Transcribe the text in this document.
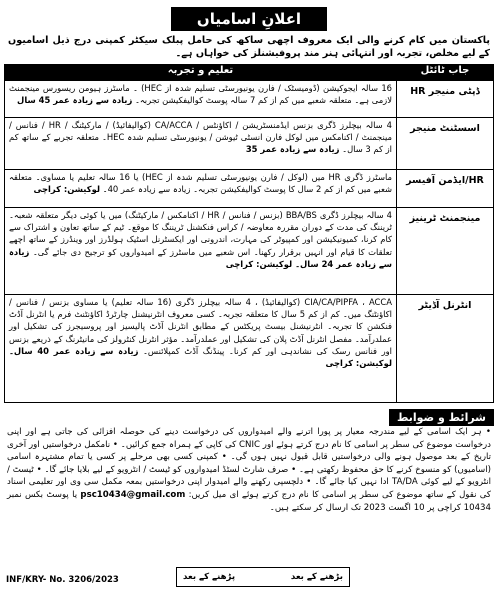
اعلانِ اسامیاں
پاکستان میں کام کرنے والی ایک معروف اچھی ساکھ کی حامل پبلک سیکٹر کمپنی درج ذیل اسامیوں کے لیے مخلص، تجربہ اور انتہائی ہنر مند پروفیشنلز کی خواہاں ہے۔
جاب ٹائٹل	تعلیم و تجربہ
ڈپٹی منیجر HR	16 سالہ ایجوکیشن (ڈومیسٹک / فارن یونیورسٹی تسلیم شدہ از HEC) ۔ ماسٹرز ہیومن ریسورس مینجمنٹ لازمی ہے۔ متعلقہ شعبے میں کم از کم 7 سالہ پوسٹ کوالیفکیشن تجربہ۔ زیادہ سے زیادہ عمر 45 سال
اسسٹنٹ منیجر	4 سالہ بیچلرز ڈگری بزنس ایڈمنسٹریشن / اکاؤنٹس / CA/ACCA (کوالیفائیڈ) / مارکیٹنگ / HR / فنانس / مینجمنٹ / اکنامکس میں لوکل فارن انسٹی ٹیوشن / یونیورسٹی تسلیم شدہ HEC۔ متعلقہ تجربے کے ساتھ کم از کم 3 سال۔ زیادہ سے زیادہ عمر 35
HR/ایڈمن آفیسر	ماسٹرز ڈگری HR میں (لوکل / فارن یونیورسٹی تسلیم شدہ از HEC) یا 16 سالہ تعلیم یا مساوی۔ متعلقہ شعبے میں کم از کم 2 سال کا پوسٹ کوالیفکیشن تجربہ۔ زیادہ سے زیادہ عمر 40۔ لوکیشن: کراچی
مینجمنٹ ٹرینیز	4 سالہ بیچلرز ڈگری BBA/BS (بزنس / فنانس / HR / اکنامکس / مارکیٹنگ) میں یا کوئی دیگر متعلقہ شعبہ۔ ٹریننگ کی مدت کے دوران مقررہ معاوضہ / کراس فنکشنل ٹریننگ کا موقع۔ ٹیم کے ساتھ تعاون و اشتراک سے کام کرنا، کمیونیکیشن اور کمپیوٹر کی مہارت، اندرونی اور ایکسٹرنل اسٹیک ہولڈرز اور وینڈرز کے ساتھ اچھے تعلقات کا قیام اور انہیں برقرار رکھنا۔ اس شعبے میں ماسٹرز کے امیدواروں کو ترجیح دی جائے گی۔ زیادہ سے زیادہ عمر 24 سال۔ لوکیشن: کراچی
انٹرنل آڈیٹر	CIA/CA/PIPFA ، ACCA (کوالیفائیڈ) ، 4 سالہ بیچلرز ڈگری (16 سالہ تعلیم) یا مساوی بزنس / فنانس / اکاؤنٹنگ میں۔ کم از کم 5 سال کا متعلقہ تجربہ۔ کسی معروف انٹرنیشنل چارٹرڈ اکاؤنٹنٹ فرم یا انٹرنل آڈٹ فنکشن کا تجربہ۔ انٹرنیشنل بیسٹ پریکٹس کے مطابق انٹرنل آڈٹ پالیسیز اور پروسیجرز کی تشکیل اور عملدرآمد۔ مفصل انٹرنل آڈٹ پلان کی تشکیل اور عملدرآمد۔ مؤثر انٹرنل کنٹرولز کی مانیٹرنگ کے ذریعے بزنس اور فنانس رسک کی نشاندہی اور کم کرنا۔ پینڈنگ آڈٹ کمپلائنس۔ زیادہ سے زیادہ عمر 40 سال۔ لوکیشن: کراچی
شرائط و ضوابط
• ہر ایک اسامی کے لیے مندرجہ معیار پر پورا اترنے والے امیدواروں کی درخواست دینے کی حوصلہ افزائی کی جاتی ہے اور اپنی درخواست موضوع کی سطر پر اسامی کا نام درج کرتے ہوئے اور CNIC کی کاپی کے ہمراہ جمع کرائیں۔ • نامکمل درخواستیں اور آخری تاریخ کے بعد موصول ہونے والی درخواستیں قابل قبول نہیں ہوں گی۔ • کمپنی کسی بھی مرحلے پر کسی یا تمام مشتہرہ اسامی (اسامیوں) کو منسوخ کرنے کا حق محفوظ رکھتی ہے۔ • صرف شارٹ لسٹڈ امیدواروں کو ٹیسٹ / انٹرویو کے لیے بلایا جائے گا۔ • ٹیسٹ / انٹرویو کے لیے کوئی TA/DA ادا نہیں کیا جائے گا۔ • دلچسپی رکھنے والے امیدوار اپنی درخواستیں بمعہ مکمل سی وی اور تعلیمی اسناد کی نقول کے ساتھ موضوع کی سطر پر اسامی کا نام درج کرتے ہوئے ای میل کریں: psc10434@gmail.com یا پوسٹ بکس نمبر 10434 کراچی پر 10 اگست 2023 تک ارسال کر سکتے ہیں۔
بڑھنے کے بعد
پڑھنے کے بعد
INF/KRY- No. 3206/2023
